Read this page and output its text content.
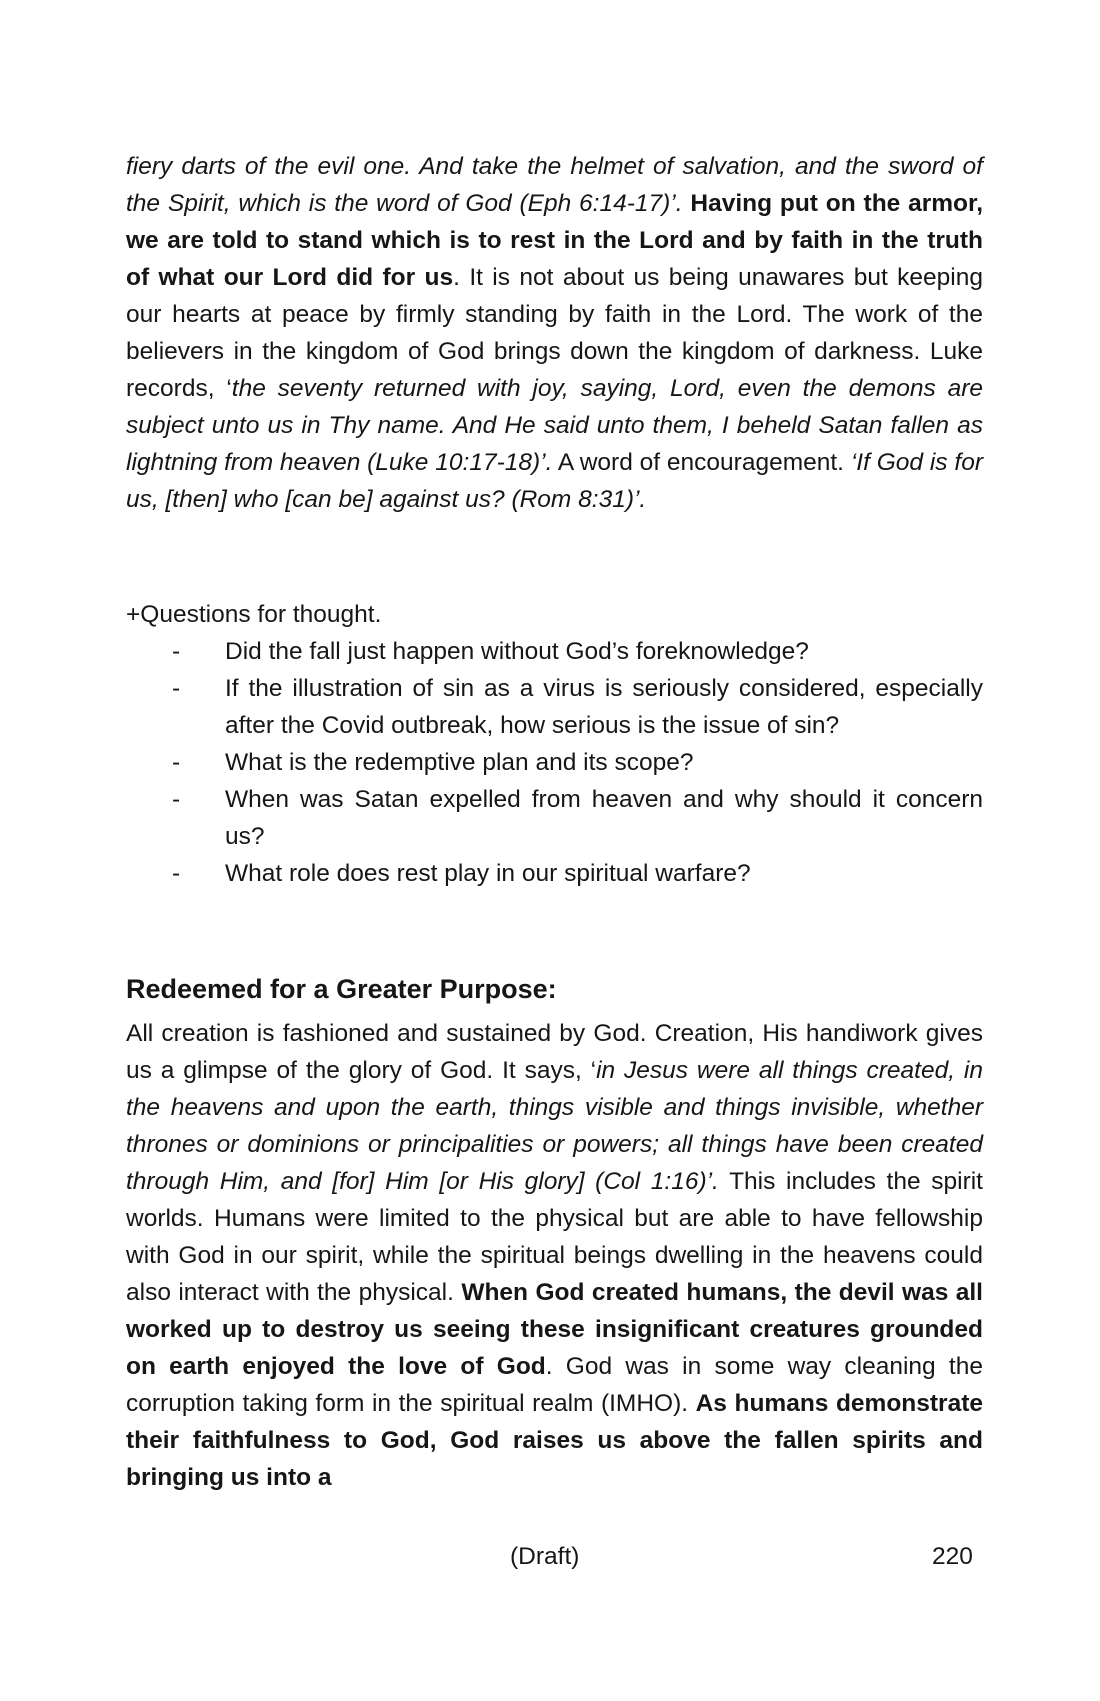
fiery darts of the evil one. And take the helmet of salvation, and the sword of the Spirit, which is the word of God (Eph 6:14-17)’. Having put on the armor, we are told to stand which is to rest in the Lord and by faith in the truth of what our Lord did for us. It is not about us being unawares but keeping our hearts at peace by firmly standing by faith in the Lord. The work of the believers in the kingdom of God brings down the kingdom of darkness. Luke records, ‘the seventy returned with joy, saying, Lord, even the demons are subject unto us in Thy name. And He said unto them, I beheld Satan fallen as lightning from heaven (Luke 10:17-18)’. A word of encouragement. ‘If God is for us, [then] who [can be] against us? (Rom 8:31)’.

+Questions for thought.

- Did the fall just happen without God’s foreknowledge?
- If the illustration of sin as a virus is seriously considered, especially after the Covid outbreak, how serious is the issue of sin?
- What is the redemptive plan and its scope?
- When was Satan expelled from heaven and why should it concern us?
- What role does rest play in our spiritual warfare?
Redeemed for a Greater Purpose:

All creation is fashioned and sustained by God. Creation, His handiwork gives us a glimpse of the glory of God. It says, ‘in Jesus were all things created, in the heavens and upon the earth, things visible and things invisible, whether thrones or dominions or principalities or powers; all things have been created through Him, and [for] Him [or His glory] (Col 1:16)’. This includes the spirit worlds. Humans were limited to the physical but are able to have fellowship with God in our spirit, while the spiritual beings dwelling in the heavens could also interact with the physical. When God created humans, the devil was all worked up to destroy us seeing these insignificant creatures grounded on earth enjoyed the love of God. God was in some way cleaning the corruption taking form in the spiritual realm (IMHO). As humans demonstrate their faithfulness to God, God raises us above the fallen spirits and bringing us into a

(Draft)	220
